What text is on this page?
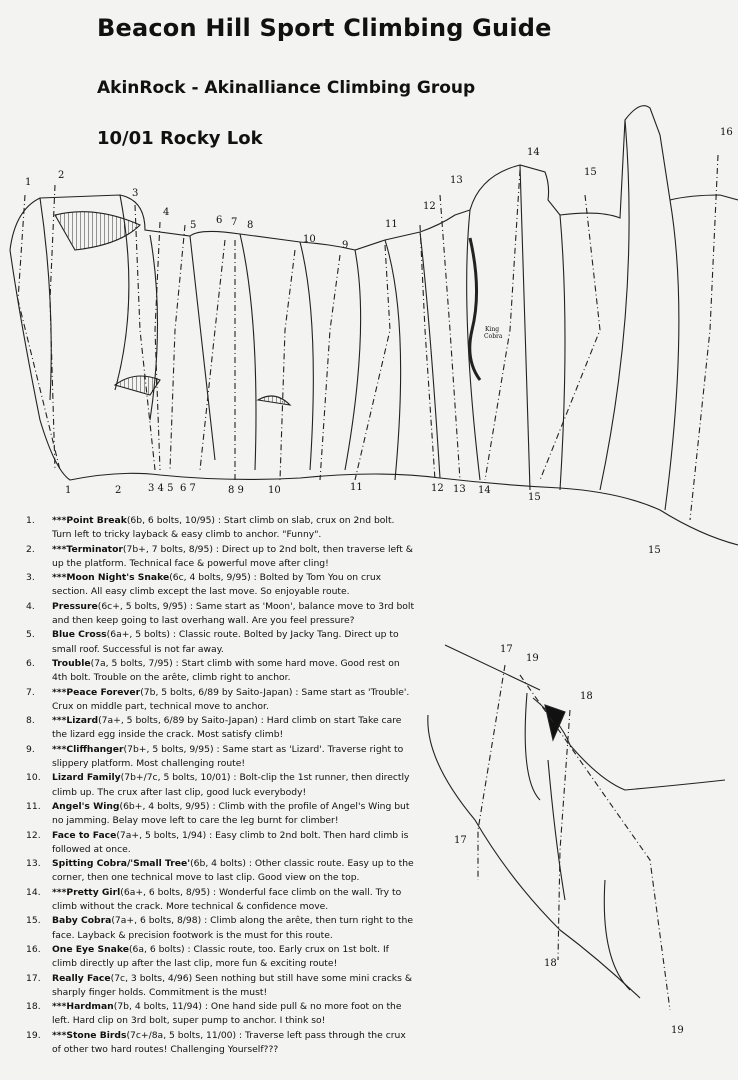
Beacon Hill Sport Climbing Guide
AkinRock - Akinalliance Climbing Group
10/01 Rocky Lok
1
2
3
4
5 6 7 8
10
9
11
12
13
14
15
16
King
Cobra
1	2	3 4 5 6 7	8 9 10	11	12 13 14
15
15
17
19
18
17
18
19
1. ***Point Break(6b, 6 bolts, 10/95) : Start climb on slab, crux on 2nd bolt. Turn left to tricky layback & easy climb to anchor. "Funny".
2. ***Terminator(7b+, 7 bolts, 8/95) : Direct up to 2nd bolt, then traverse left & up the platform. Technical face & powerful move after cling!
3. ***Moon Night's Snake(6c, 4 bolts, 9/95) : Bolted by Tom You on crux section. All easy climb except the last move. So enjoyable route.
4. Pressure(6c+, 5 bolts, 9/95) : Same start as 'Moon', balance move to 3rd bolt and then keep going to last overhang wall. Are you feel pressure?
5. Blue Cross(6a+, 5 bolts) : Classic route. Bolted by Jacky Tang. Direct up to small roof. Successful is not far away.
6. Trouble(7a, 5 bolts, 7/95) : Start climb with some hard move. Good rest on 4th bolt. Trouble on the arête, climb right to anchor.
7. ***Peace Forever(7b, 5 bolts, 6/89 by Saito-Japan) : Same start as 'Trouble'. Crux on middle part, technical move to anchor.
8. ***Lizard(7a+, 5 bolts, 6/89 by Saito-Japan) : Hard climb on start Take care the lizard egg inside the crack. Most satisfy climb!
9. ***Cliffhanger(7b+, 5 bolts, 9/95) : Same start as 'Lizard'. Traverse right to slippery platform. Most challenging route!
10. Lizard Family(7b+/7c, 5 bolts, 10/01) : Bolt-clip the 1st runner, then directly climb up. The crux after last clip, good luck everybody!
11. Angel's Wing(6b+, 4 bolts, 9/95) : Climb with the profile of Angel's Wing but no jamming. Belay move left to care the leg burnt for climber!
12. Face to Face(7a+, 5 bolts, 1/94) : Easy climb to 2nd bolt. Then hard climb is followed at once.
13. Spitting Cobra/'Small Tree'(6b, 4 bolts) : Other classic route. Easy up to the corner, then one technical move to last clip. Good view on the top.
14. ***Pretty Girl(6a+, 6 bolts, 8/95) : Wonderful face climb on the wall. Try to climb without the crack. More technical & confidence move.
15. Baby Cobra(7a+, 6 bolts, 8/98) : Climb along the arête, then turn right to the face. Layback & precision footwork is the must for this route.
16. One Eye Snake(6a, 6 bolts) : Classic route, too. Early crux on 1st bolt. If climb directly up after the last clip, more fun & exciting route!
17. Really Face(7c, 3 bolts, 4/96) Seen nothing but still have some mini cracks & sharply finger holds. Commitment is the must!
18. ***Hardman(7b, 4 bolts, 11/94) : One hand side pull & no more foot on the left. Hard clip on 3rd bolt, super pump to anchor. I think so!
19. ***Stone Birds(7c+/8a, 5 bolts, 11/00) : Traverse left pass through the crux of other two hard routes! Challenging Yourself???
